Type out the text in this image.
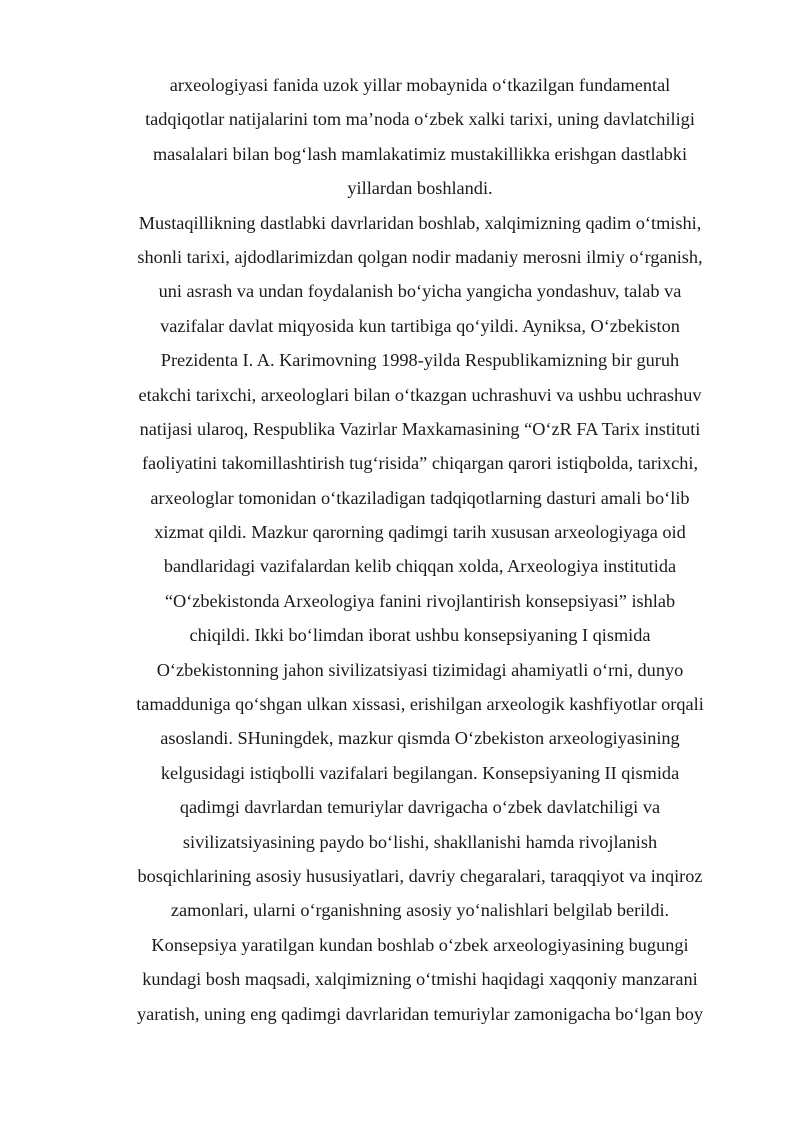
arxeologiyasi fanida uzok yillar mobaynida o‘tkazilgan fundamental
tadqiqotlar natijalarini tom ma’noda o‘zbek xalki tarixi, uning davlatchiligi
masalalari bilan bog‘lash mamlakatimiz mustakillikka erishgan dastlabki
yillardan boshlandi.
Mustaqillikning dastlabki davrlaridan boshlab, xalqimizning qadim o‘tmishi,
shonli tarixi, ajdodlarimizdan qolgan nodir madaniy merosni ilmiy o‘rganish,
uni asrash va undan foydalanish bo‘yicha yangicha yondashuv, talab va
vazifalar davlat miqyosida kun tartibiga qo‘yildi. Ayniksa, O‘zbekiston
Prezidenta I. A. Karimovning 1998-yilda Respublikamizning bir guruh
etakchi tarixchi, arxeologlari bilan o‘tkazgan uchrashuvi va ushbu uchrashuv
natijasi ularoq, Respublika Vazirlar Maxkamasining “O‘zR FA Tarix instituti
faoliyatini takomillashtirish tug‘risida” chiqargan qarori istiqbolda, tarixchi,
arxeologlar tomonidan o‘tkaziladigan tadqiqotlarning dasturi amali bo‘lib
xizmat qildi. Mazkur qarorning qadimgi tarih xususan arxeologiyaga oid
bandlaridagi vazifalardan kelib chiqqan xolda, Arxeologiya institutida
“O‘zbekistonda Arxeologiya fanini rivojlantirish konsepsiyasi” ishlab
chiqildi. Ikki bo‘limdan iborat ushbu konsepsiyaning I qismida
O‘zbekistonning jahon sivilizatsiyasi tizimidagi ahamiyatli o‘rni, dunyo
tamadduniga qo‘shgan ulkan xissasi, erishilgan arxeologik kashfiyotlar orqali
asoslandi. SHuningdek, mazkur qismda O‘zbekiston arxeologiyasining
kelgusidagi istiqbolli vazifalari begilangan. Konsepsiyaning II qismida
qadimgi davrlardan temuriylar davrigacha o‘zbek davlatchiligi va
sivilizatsiyasining paydo bo‘lishi, shakllanishi hamda rivojlanish
bosqichlarining asosiy hususiyatlari, davriy chegaralari, taraqqiyot va inqiroz
zamonlari, ularni o‘rganishning asosiy yo‘nalishlari belgilab berildi.
Konsepsiya yaratilgan kundan boshlab o‘zbek arxeologiyasining bugungi
kundagi bosh maqsadi, xalqimizning o‘tmishi haqidagi xaqqoniy manzarani
yaratish, uning eng qadimgi davrlaridan temuriylar zamonigacha bo‘lgan boy
